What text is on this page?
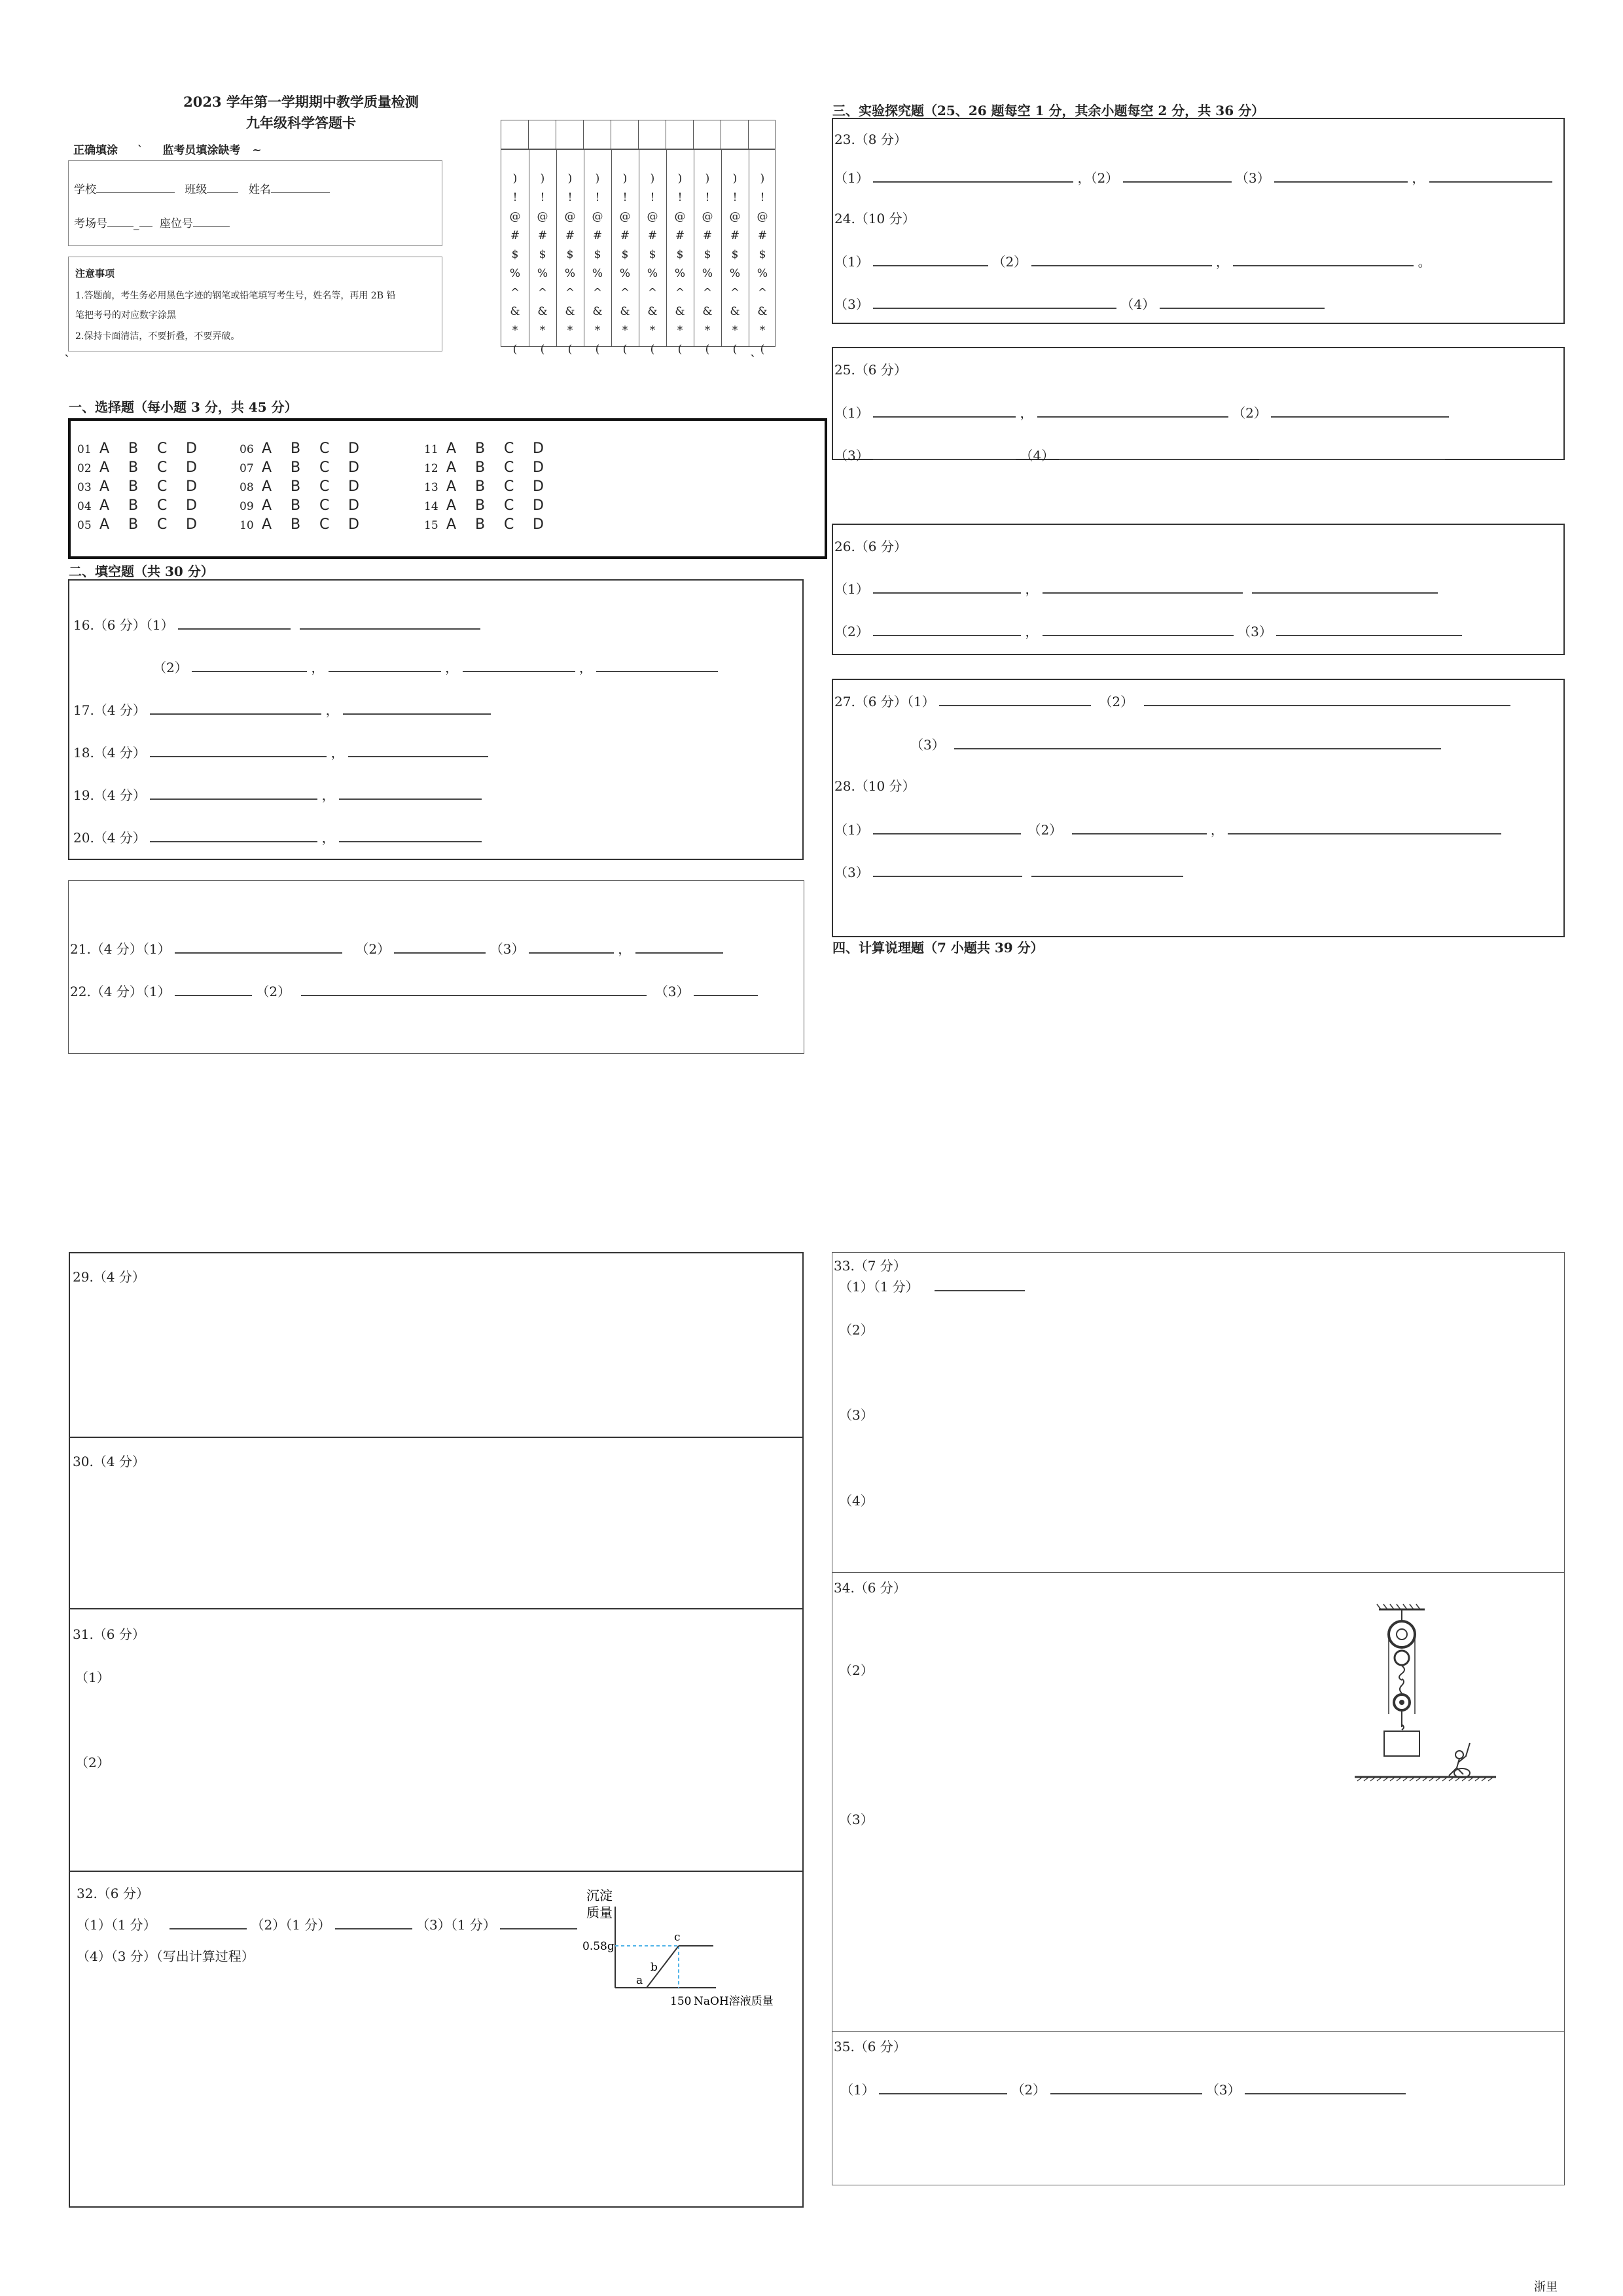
2023 学年第一学期期中教学质量检测
九年级科学答题卡
正确填涂 ` 监考员填涂缺考 ~
学校	班级	姓名
考场号 _ 座位号
注意事项
1.答题前，考生务必用黑色字迹的钢笔或铅笔填写考生号，姓名等，再用 2B 铅
笔把考号的对应数字涂黑
2.保持卡面清洁，不要折叠，不要弄破。
`	`
)
!
@
#
$
%
^
&
*
(
)
!
@
#
$
%
^
&
*
(
)
!
@
#
$
%
^
&
*
(
)
!
@
#
$
%
^
&
*
(
)
!
@
#
$
%
^
&
*
(
)
!
@
#
$
%
^
&
*
(
)
!
@
#
$
%
^
&
*
(
)
!
@
#
$
%
^
&
*
(
)
!
@
#
$
%
^
&
*
(
)
!
@
#
$
%
^
&
*
(
一、选择题（每小题 3 分，共 45 分）
01 A B C D
02 A B C D
03 A B C D
04 A B C D
05 A B C D
06 A B C D
07 A B C D
08 A B C D
09 A B C D
10 A B C D
11 A B C D
12 A B C D
13 A B C D
14 A B C D
15 A B C D
二、填空题（共 30 分）
16.（6 分）（1）
（2）	，	，	，
17.（4 分）	，
18.（4 分）	，
19.（4 分）	，
20.（4 分）	，
21.（4 分）（1）	（2）	（3）	，
22.（4 分）（1）	（2）	（3）
三、实验探究题（25、26 题每空 1 分，其余小题每空 2 分，共 36 分）
23.（8 分）
（1）	，（2）	（3）	，
24.（10 分）
（1）	（2）	，	。
（3）	（4）
25.（6 分）
（1）	，	（2）
（3）	（4）
26.（6 分）
（1）	，
（2）	，	（3）
27.（6 分）（1）	（2）
（3）
28.（10 分）
（1）	（2）	，
（3）
四、计算说理题（7 小题共 39 分）
29.（4 分）
30.（4 分）
31.（6 分）
（1）
（2）
32.（6 分）
（1）（1 分）	（2）（1 分）	（3）（1 分）
（4）（3 分）（写出计算过程）
沉淀
质量
0.58g
c
b
a
150 NaOH溶液质量
33.（7 分）
（1）（1 分）
（2）
（3）
（4）
34.（6 分）
（2）
（3）
35.（6 分）
（1）	（2）	（3）
浙里
